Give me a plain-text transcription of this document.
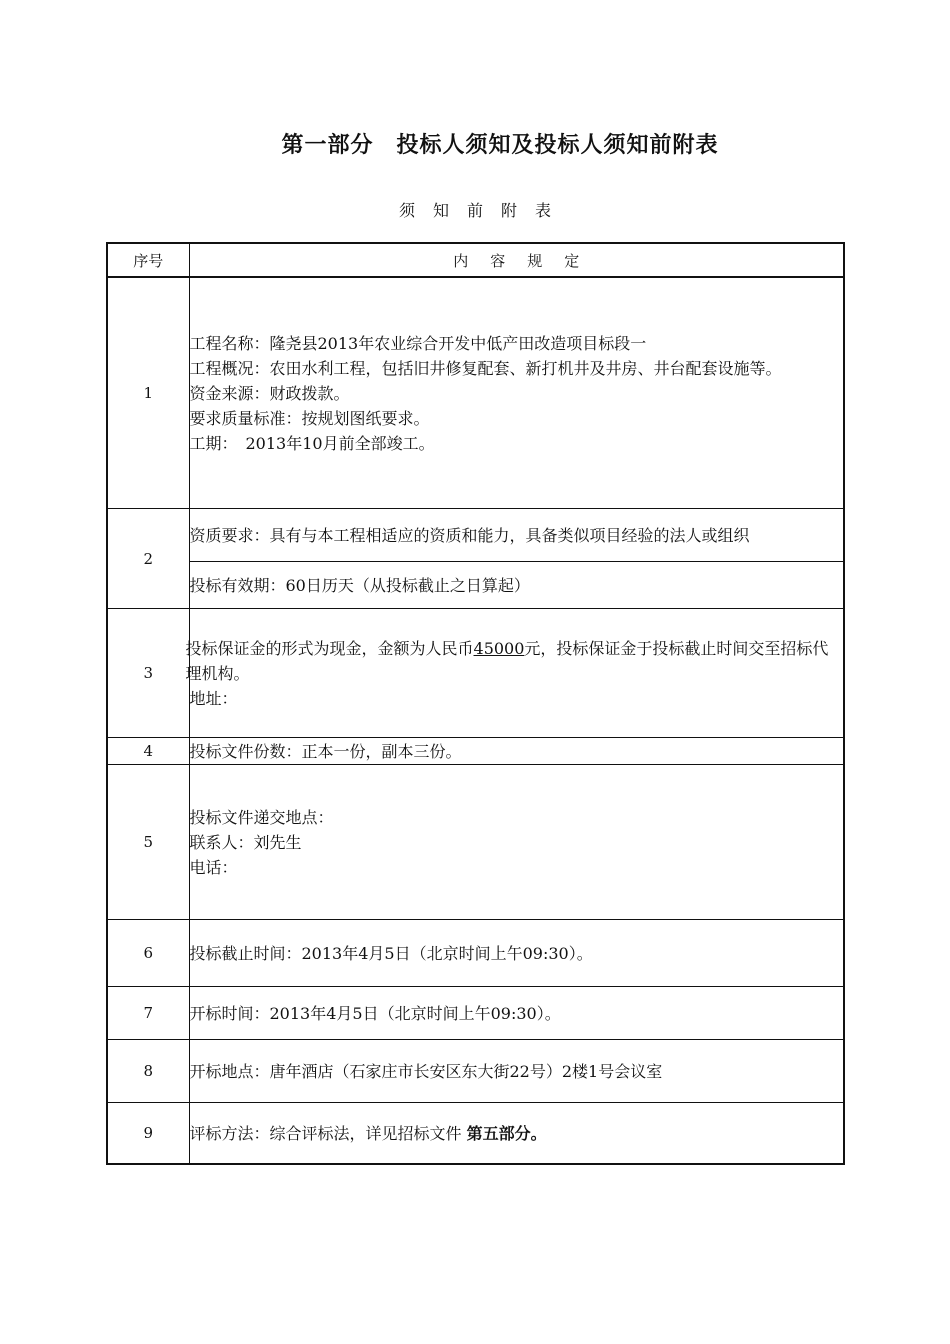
第一部分　投标人须知及投标人须知前附表
须知前附表
序号	内容规定
1	工程名称：隆尧县2013年农业综合开发中低产田改造项目标段一
工程概况：农田水利工程，包括旧井修复配套、新打机井及井房、井台配套设施等。
资金来源：财政拨款。
要求质量标准：按规划图纸要求。
工期：　2013年10月前全部竣工。

2	资质要求：具有与本工程相适应的资质和能力，具备类似项目经验的法人或组织
	投标有效期：60日历天（从投标截止之日算起）
3	投标保证金的形式为现金，金额为人民币45000元，投标保证金于投标截止时间交至招标代理机构。
地址：

4	投标文件份数：正本一份，副本三份。
5	投标文件递交地点：
联系人：刘先生
电话：

6	投标截止时间：2013年4月5日（北京时间上午09:30）。
7	开标时间：2013年4月5日（北京时间上午09:30）。
8	开标地点：唐年酒店（石家庄市长安区东大街22号）2楼1号会议室
9	评标方法：综合评标法，详见招标文件 第五部分。
